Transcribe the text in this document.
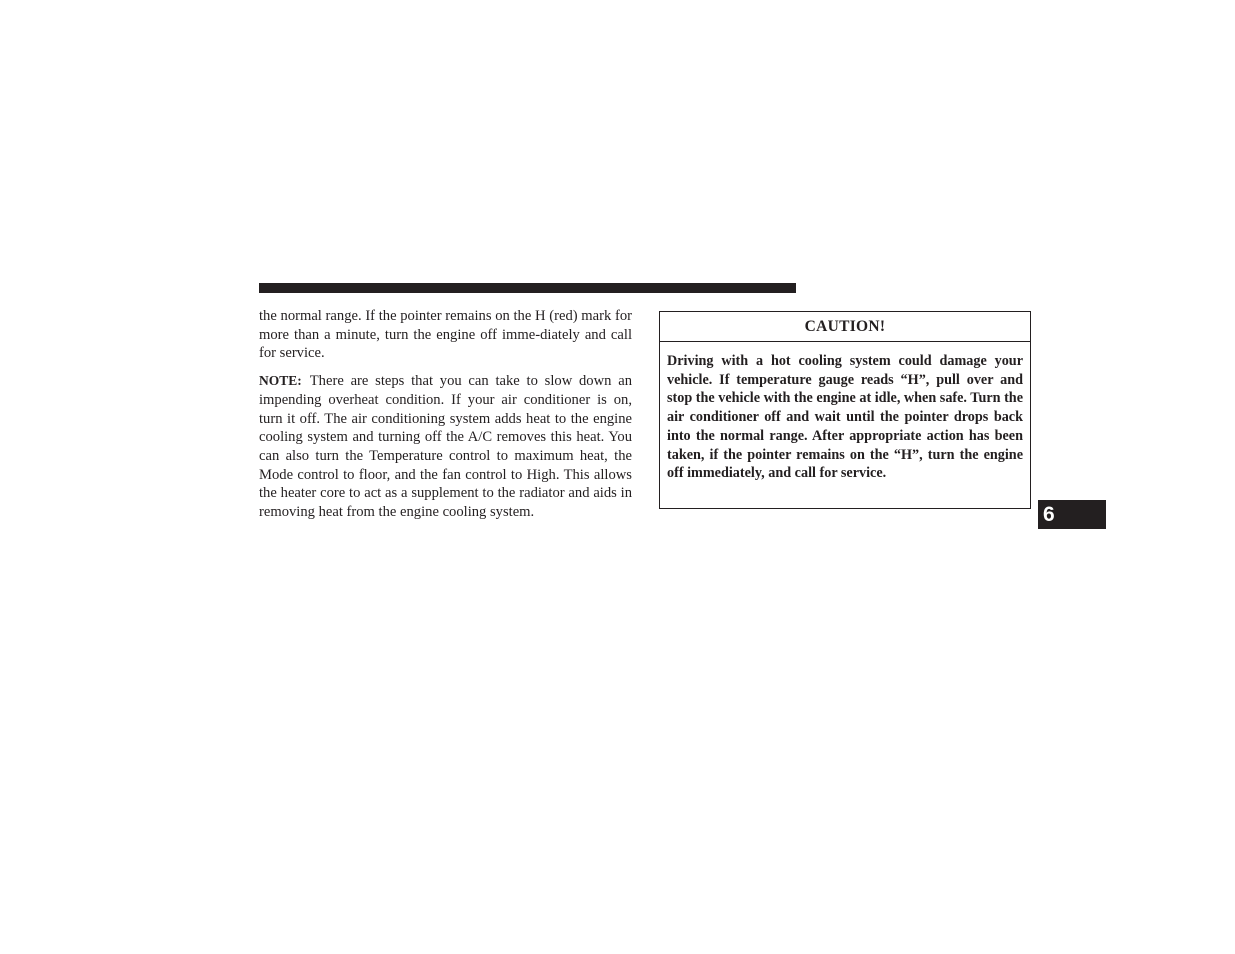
the normal range. If the pointer remains on the H (red) mark for more than a minute, turn the engine off imme-diately and call for service.

NOTE: There are steps that you can take to slow down an impending overheat condition. If your air conditioner is on, turn it off. The air conditioning system adds heat to the engine cooling system and turning off the A/C removes this heat. You can also turn the Temperature control to maximum heat, the Mode control to floor, and the fan control to High. This allows the heater core to act as a supplement to the radiator and aids in removing heat from the engine cooling system.

CAUTION!

Driving with a hot cooling system could damage your vehicle. If temperature gauge reads “H”, pull over and stop the vehicle with the engine at idle, when safe. Turn the air conditioner off and wait until the pointer drops back into the normal range. After appropriate action has been taken, if the pointer remains on the “H”, turn the engine off immediately, and call for service.

6
